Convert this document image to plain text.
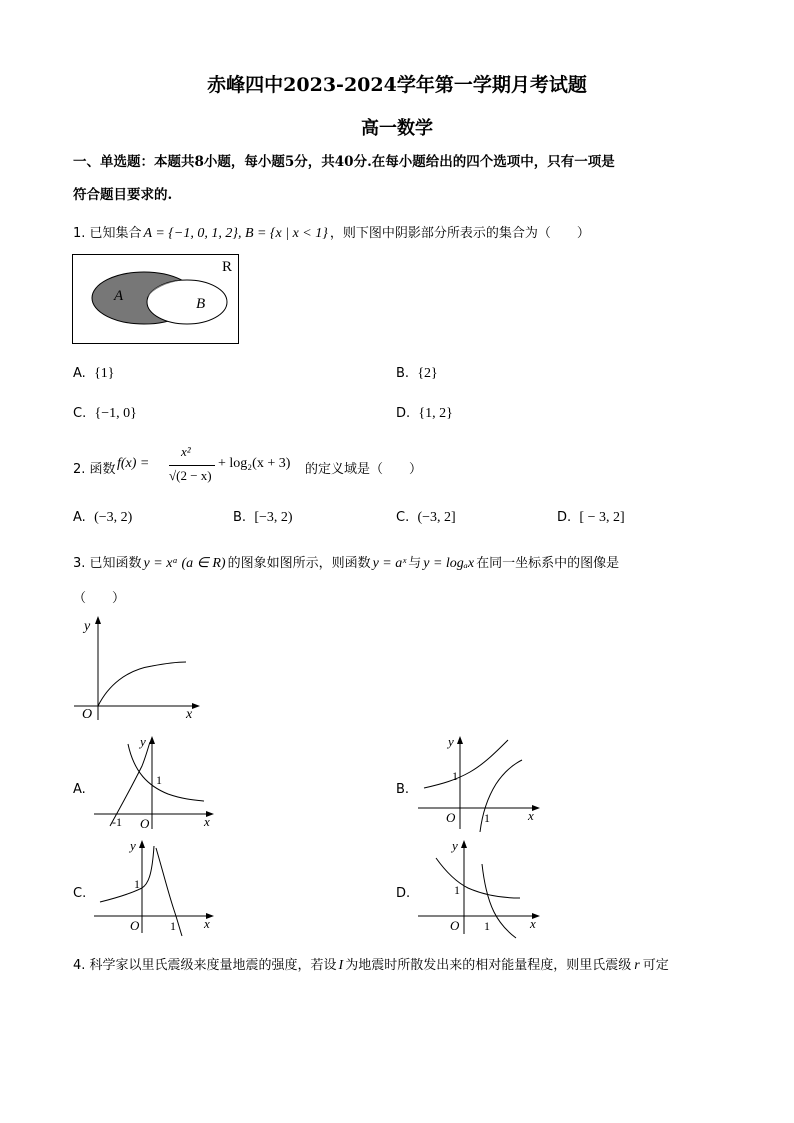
赤峰四中2023-2024学年第一学期月考试题
高一数学
一、单选题：本题共8小题，每小题5分，共40分.在每小题给出的四个选项中，只有一项是
符合题目要求的.
1. 已知集合 A = {−1, 0, 1, 2}, B = {x | x < 1} ，则下图中阴影部分所表示的集合为（　　）
R
A	B
A. {1}	B. {2}
C. {−1, 0}	D. {1, 2}
2. 函数 f(x) =
x²
√(2 − x)
+ log₂(x + 3) 的定义域是（　　）
A. (−3, 2)	B. [−3, 2)	C. (−3, 2]	D. [ − 3, 2]
3. 已知函数 y = xᵃ (a ∈ R) 的图象如图所示，则函数 y = aˣ 与 y = logₐx 在同一坐标系中的图像是
（　　）
y
x
O
A.
y
x
O
1
-1
B.
y
x
O
1
1
C.
y
x
O
1
1
D.
y
x
O
1
1
4. 科学家以里氏震级来度量地震的强度，若设 I 为地震时所散发出来的相对能量程度，则里氏震级 r 可定
